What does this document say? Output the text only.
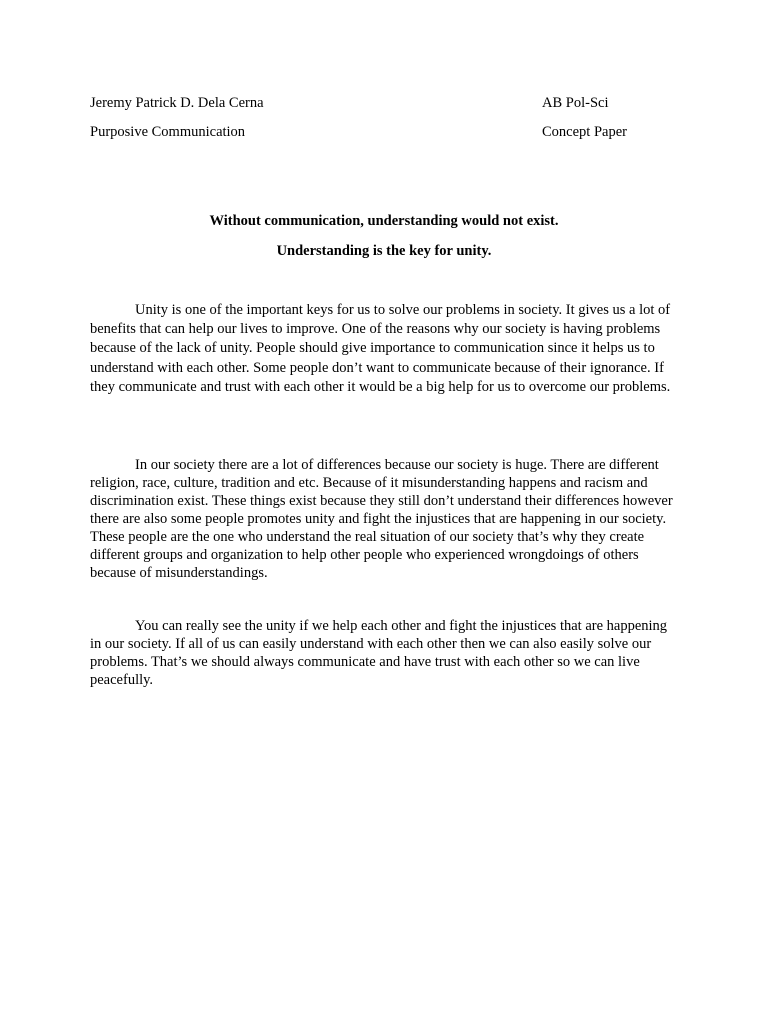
Jeremy Patrick D. Dela Cerna	AB Pol-Sci
Purposive Communication	Concept Paper
Without communication, understanding would not exist.
Understanding is the key for unity.

Unity is one of the important keys for us to solve our problems in society. It gives us a lot of benefits that can help our lives to improve. One of the reasons why our society is having problems because of the lack of unity. People should give importance to communication since it helps us to understand with each other. Some people don’t want to communicate because of their ignorance. If they communicate and trust with each other it would be a big help for us to overcome our problems.

In our society there are a lot of differences because our society is huge. There are different religion, race, culture, tradition and etc. Because of it misunderstanding happens and racism and discrimination exist. These things exist because they still don’t understand their differences however there are also some people promotes unity and fight the injustices that are happening in our society. These people are the one who understand the real situation of our society that’s why they create different groups and organization to help other people who experienced wrongdoings of others because of misunderstandings.

You can really see the unity if we help each other and fight the injustices that are happening in our society. If all of us can easily understand with each other then we can also easily solve our problems. That’s we should always communicate and have trust with each other so we can live peacefully.
